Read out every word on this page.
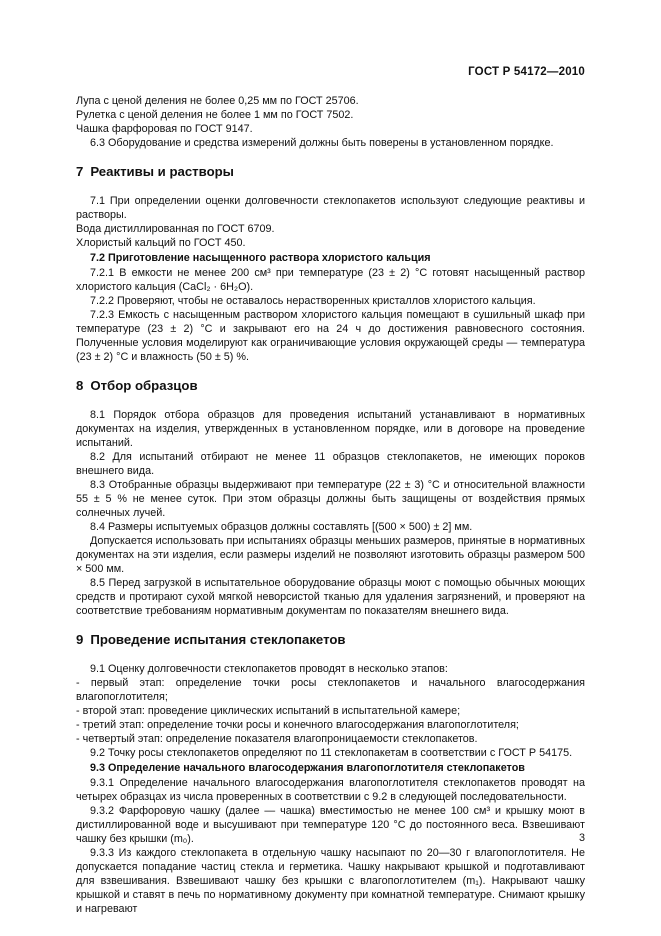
ГОСТ Р 54172—2010

Лупа с ценой деления не более 0,25 мм по ГОСТ 25706.

Рулетка с ценой деления не более 1 мм по ГОСТ 7502.

Чашка фарфоровая по ГОСТ 9147.

6.3 Оборудование и средства измерений должны быть поверены в установленном порядке.

7 Реактивы и растворы

7.1 При определении оценки долговечности стеклопакетов используют следующие реактивы и растворы.

Вода дистиллированная по ГОСТ 6709.

Хлористый кальций по ГОСТ 450.

7.2 Приготовление насыщенного раствора хлористого кальция

7.2.1 В емкости не менее 200 см³ при температуре (23 ± 2) °С готовят насыщенный раствор хлористого кальция (CaCl₂ · 6H₂O).

7.2.2 Проверяют, чтобы не оставалось нерастворенных кристаллов хлористого кальция.

7.2.3 Емкость с насыщенным раствором хлористого кальция помещают в сушильный шкаф при температуре (23 ± 2) °С и закрывают его на 24 ч до достижения равновесного состояния. Полученные условия моделируют как ограничивающие условия окружающей среды — температура (23 ± 2) °С и влажность (50 ± 5) %.

8 Отбор образцов

8.1 Порядок отбора образцов для проведения испытаний устанавливают в нормативных документах на изделия, утвержденных в установленном порядке, или в договоре на проведение испытаний.

8.2 Для испытаний отбирают не менее 11 образцов стеклопакетов, не имеющих пороков внешнего вида.

8.3 Отобранные образцы выдерживают при температуре (22 ± 3) °С и относительной влажности 55 ± 5 % не менее суток. При этом образцы должны быть защищены от воздействия прямых солнечных лучей.

8.4 Размеры испытуемых образцов должны составлять [(500 × 500) ± 2] мм.

Допускается использовать при испытаниях образцы меньших размеров, принятые в нормативных документах на эти изделия, если размеры изделий не позволяют изготовить образцы размером 500 × 500 мм.

8.5 Перед загрузкой в испытательное оборудование образцы моют с помощью обычных моющих средств и протирают сухой мягкой неворсистой тканью для удаления загрязнений, и проверяют на соответствие требованиям нормативным документам по показателям внешнего вида.

9 Проведение испытания стеклопакетов

9.1 Оценку долговечности стеклопакетов проводят в несколько этапов:

- первый этап: определение точки росы стеклопакетов и начального влагосодержания влагопоглотителя;

- второй этап: проведение циклических испытаний в испытательной камере;

- третий этап: определение точки росы и конечного влагосодержания влагопоглотителя;

- четвертый этап: определение показателя влагопроницаемости стеклопакетов.

9.2 Точку росы стеклопакетов определяют по 11 стеклопакетам в соответствии с ГОСТ Р 54175.

9.3 Определение начального влагосодержания влагопоглотителя стеклопакетов

9.3.1 Определение начального влагосодержания влагопоглотителя стеклопакетов проводят на четырех образцах из числа проверенных в соответствии с 9.2 в следующей последовательности.

9.3.2 Фарфоровую чашку (далее — чашка) вместимостью не менее 100 см³ и крышку моют в дистиллированной воде и высушивают при температуре 120 °С до постоянного веса. Взвешивают чашку без крышки (m₀).

9.3.3 Из каждого стеклопакета в отдельную чашку насыпают по 20—30 г влагопоглотителя. Не допускается попадание частиц стекла и герметика. Чашку накрывают крышкой и подготавливают для взвешивания. Взвешивают чашку без крышки с влагопоглотителем (m₁). Накрывают чашку крышкой и ставят в печь по нормативному документу при комнатной температуре. Снимают крышку и нагревают

3
